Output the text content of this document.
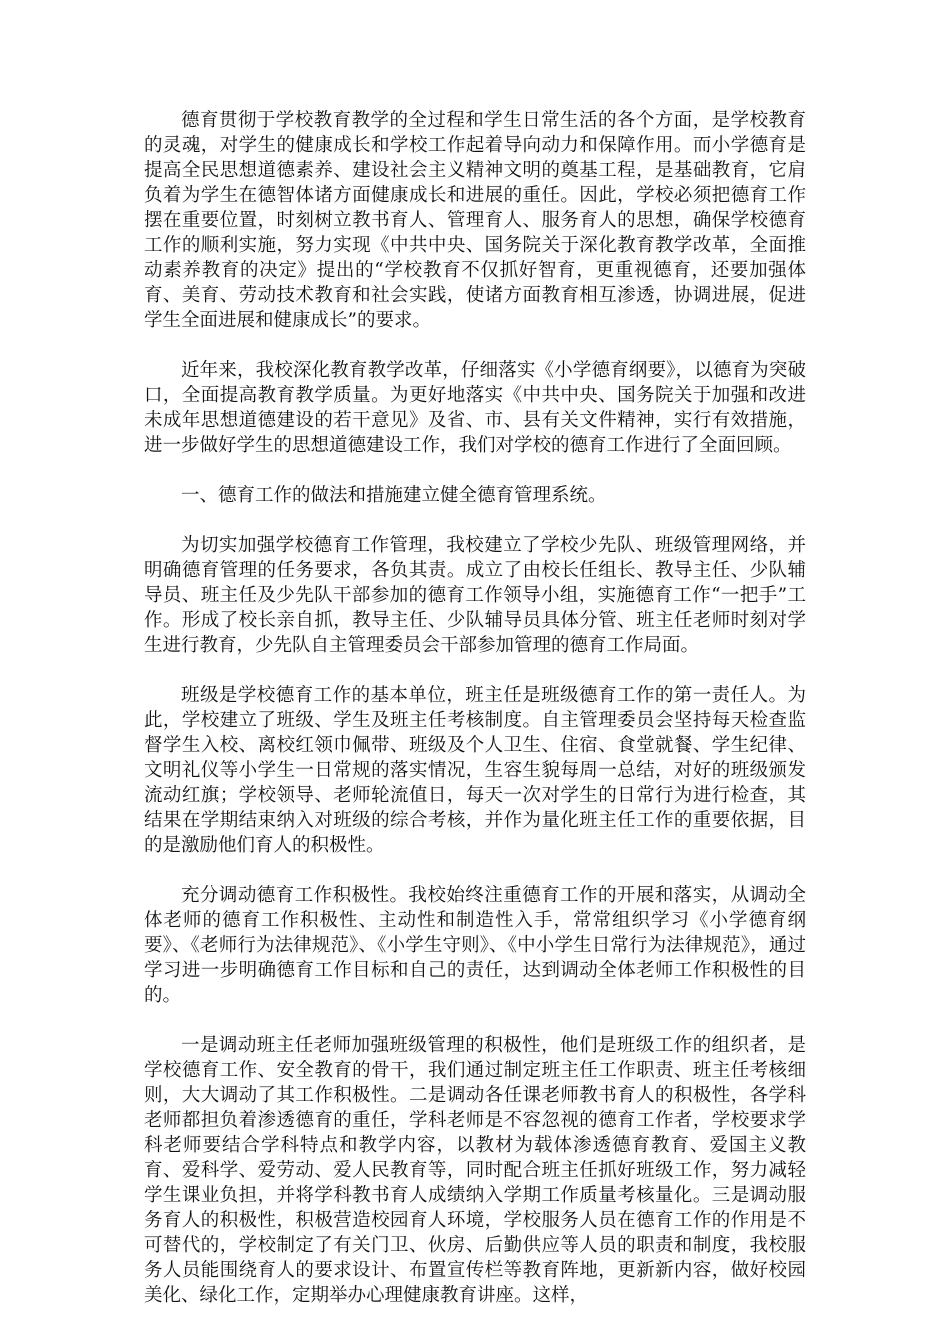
德育贯彻于学校教育教学的全过程和学生日常生活的各个方面，是学校教育的灵魂，对学生的健康成长和学校工作起着导向动力和保障作用。而小学德育是提高全民思想道德素养、建设社会主义精神文明的奠基工程，是基础教育，它肩负着为学生在德智体诸方面健康成长和进展的重任。因此，学校必须把德育工作摆在重要位置，时刻树立教书育人、管理育人、服务育人的思想，确保学校德育工作的顺利实施，努力实现《中共中央、国务院关于深化教育教学改革，全面推动素养教育的决定》提出的“学校教育不仅抓好智育，更重视德育，还要加强体育、美育、劳动技术教育和社会实践，使诸方面教育相互渗透，协调进展，促进学生全面进展和健康成长”的要求。

近年来，我校深化教育教学改革，仔细落实《小学德育纲要》，以德育为突破口，全面提高教育教学质量。为更好地落实《中共中央、国务院关于加强和改进未成年思想道德建设的若干意见》及省、市、县有关文件精神，实行有效措施，进一步做好学生的思想道德建设工作，我们对学校的德育工作进行了全面回顾。

一、德育工作的做法和措施建立健全德育管理系统。

为切实加强学校德育工作管理，我校建立了学校少先队、班级管理网络，并明确德育管理的任务要求，各负其责。成立了由校长任组长、教导主任、少队辅导员、班主任及少先队干部参加的德育工作领导小组，实施德育工作“一把手”工作。形成了校长亲自抓，教导主任、少队辅导员具体分管、班主任老师时刻对学生进行教育，少先队自主管理委员会干部参加管理的德育工作局面。

班级是学校德育工作的基本单位，班主任是班级德育工作的第一责任人。为此，学校建立了班级、学生及班主任考核制度。自主管理委员会坚持每天检查监督学生入校、离校红领巾佩带、班级及个人卫生、住宿、食堂就餐、学生纪律、文明礼仪等小学生一日常规的落实情况，生容生貌每周一总结，对好的班级颁发流动红旗；学校领导、老师轮流值日，每天一次对学生的日常行为进行检查，其结果在学期结束纳入对班级的综合考核，并作为量化班主任工作的重要依据，目的是激励他们育人的积极性。

充分调动德育工作积极性。我校始终注重德育工作的开展和落实，从调动全体老师的德育工作积极性、主动性和制造性入手，常常组织学习《小学德育纲要》、《老师行为法律规范》、《小学生守则》、《中小学生日常行为法律规范》，通过学习进一步明确德育工作目标和自己的责任，达到调动全体老师工作积极性的目的。

一是调动班主任老师加强班级管理的积极性，他们是班级工作的组织者，是学校德育工作、安全教育的骨干，我们通过制定班主任工作职责、班主任考核细则，大大调动了其工作积极性。二是调动各任课老师教书育人的积极性，各学科老师都担负着渗透德育的重任，学科老师是不容忽视的德育工作者，学校要求学科老师要结合学科特点和教学内容，以教材为载体渗透德育教育、爱国主义教育、爱科学、爱劳动、爱人民教育等，同时配合班主任抓好班级工作，努力减轻学生课业负担，并将学科教书育人成绩纳入学期工作质量考核量化。三是调动服务育人的积极性，积极营造校园育人环境，学校服务人员在德育工作的作用是不可替代的，学校制定了有关门卫、伙房、后勤供应等人员的职责和制度，我校服务人员能围绕育人的要求设计、布置宣传栏等教育阵地，更新新内容，做好校园美化、绿化工作，定期举办心理健康教育讲座。这样，
